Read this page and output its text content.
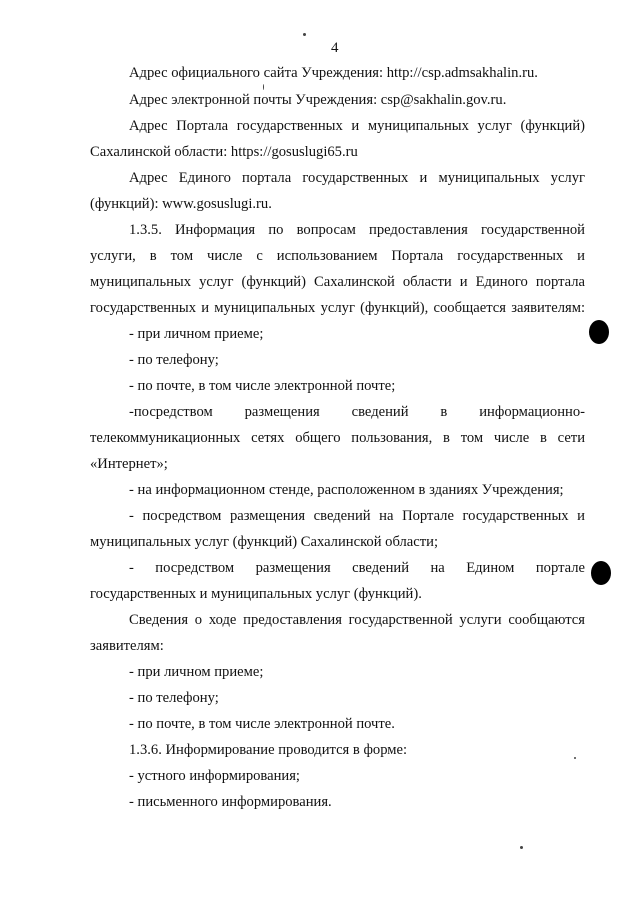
4
Адрес официального сайта Учреждения: http://csp.admsakhalin.ru.
Адрес электронной почты Учреждения: csp@sakhalin.gov.ru.
Адрес Портала государственных и муниципальных услуг (функций)
Сахалинской области: https://gosuslugi65.ru
Адрес Единого портала государственных и муниципальных услуг
(функций): www.gosuslugi.ru.
1.3.5. Информация по вопросам предоставления государственной
услуги, в том числе с использованием Портала государственных и
муниципальных услуг (функций) Сахалинской области и Единого портала
государственных и муниципальных услуг (функций), сообщается заявителям:
- при личном приеме;
- по телефону;
- по почте, в том числе электронной почте;
-посредством размещения сведений в информационно-
телекоммуникационных сетях общего пользования, в том числе в сети
«Интернет»;
- на информационном стенде, расположенном в зданиях Учреждения;
- посредством размещения сведений на Портале государственных и
муниципальных услуг (функций) Сахалинской области;
- посредством размещения сведений на Едином портале
государственных и муниципальных услуг (функций).
Сведения о ходе предоставления государственной услуги сообщаются
заявителям:
- при личном приеме;
- по телефону;
- по почте, в том числе электронной почте.
1.3.6. Информирование проводится в форме:
- устного информирования;
- письменного информирования.
